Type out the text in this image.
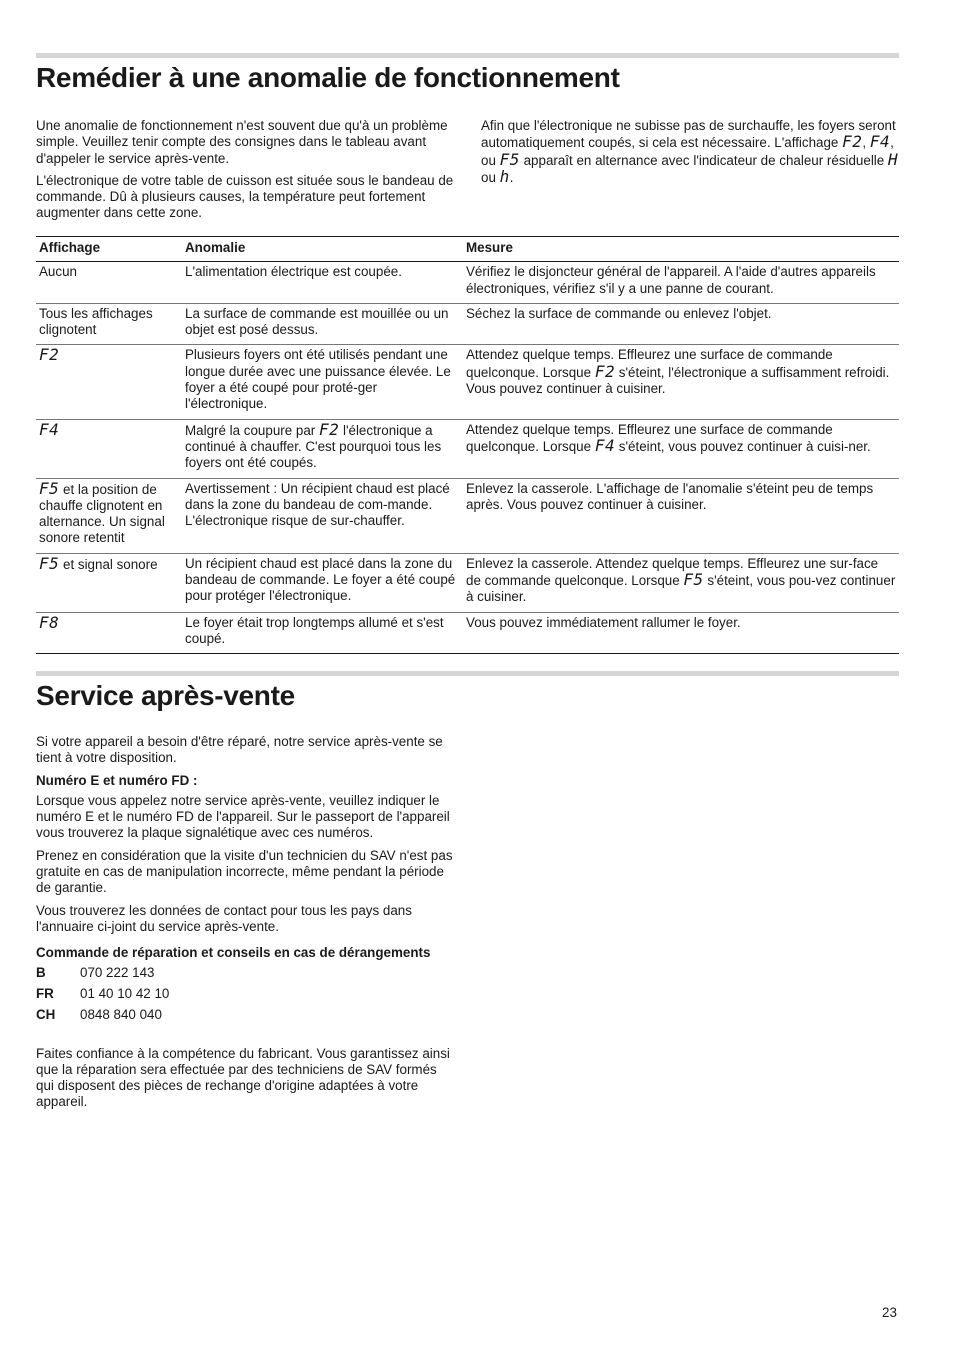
Remédier à une anomalie de fonctionnement

Une anomalie de fonctionnement n'est souvent due qu'à un problème simple. Veuillez tenir compte des consignes dans le tableau avant d'appeler le service après-vente.

L'électronique de votre table de cuisson est située sous le bandeau de commande. Dû à plusieurs causes, la température peut fortement augmenter dans cette zone.

Afin que l'électronique ne subisse pas de surchauffe, les foyers seront automatiquement coupés, si cela est nécessaire. L'affichage F2, F4, ou F5 apparaît en alternance avec l'indicateur de chaleur résiduelle H ou h.

Affichage	Anomalie	Mesure
Aucun	L'alimentation électrique est coupée.	Vérifiez le disjoncteur général de l'appareil. A l'aide d'autres appareils électroniques, vérifiez s'il y a une panne de courant.
Tous les affichages clignotent	La surface de commande est mouillée ou un objet est posé dessus.	Séchez la surface de commande ou enlevez l'objet.
F2	Plusieurs foyers ont été utilisés pendant une longue durée avec une puissance élevée. Le foyer a été coupé pour proté-ger l'électronique.	Attendez quelque temps. Effleurez une surface de commande quelconque. Lorsque F2 s'éteint, l'électronique a suffisamment refroidi. Vous pouvez continuer à cuisiner.
F4	Malgré la coupure par F2 l'électronique a continué à chauffer. C'est pourquoi tous les foyers ont été coupés.	Attendez quelque temps. Effleurez une surface de commande quelconque. Lorsque F4 s'éteint, vous pouvez continuer à cuisi-ner.
F5 et la position de chauffe clignotent en alternance. Un signal sonore retentit	Avertissement : Un récipient chaud est placé dans la zone du bandeau de com-mande. L'électronique risque de sur-chauffer.	Enlevez la casserole. L'affichage de l'anomalie s'éteint peu de temps après. Vous pouvez continuer à cuisiner.
F5 et signal sonore	Un récipient chaud est placé dans la zone du bandeau de commande. Le foyer a été coupé pour protéger l'électronique.	Enlevez la casserole. Attendez quelque temps. Effleurez une sur-face de commande quelconque. Lorsque F5 s'éteint, vous pou-vez continuer à cuisiner.
F8	Le foyer était trop longtemps allumé et s'est coupé.	Vous pouvez immédiatement rallumer le foyer.
Service après-vente

Si votre appareil a besoin d'être réparé, notre service après-vente se tient à votre disposition.

Numéro E et numéro FD :

Lorsque vous appelez notre service après-vente, veuillez indiquer le numéro E et le numéro FD de l'appareil. Sur le passeport de l'appareil vous trouverez la plaque signalétique avec ces numéros.

Prenez en considération que la visite d'un technicien du SAV n'est pas gratuite en cas de manipulation incorrecte, même pendant la période de garantie.

Vous trouverez les données de contact pour tous les pays dans l'annuaire ci-joint du service après-vente.

Commande de réparation et conseils en cas de dérangements

B	070 222 143
FR	01 40 10 42 10
CH	0848 840 040

Faites confiance à la compétence du fabricant. Vous garantissez ainsi que la réparation sera effectuée par des techniciens de SAV formés qui disposent des pièces de rechange d'origine adaptées à votre appareil.

23
